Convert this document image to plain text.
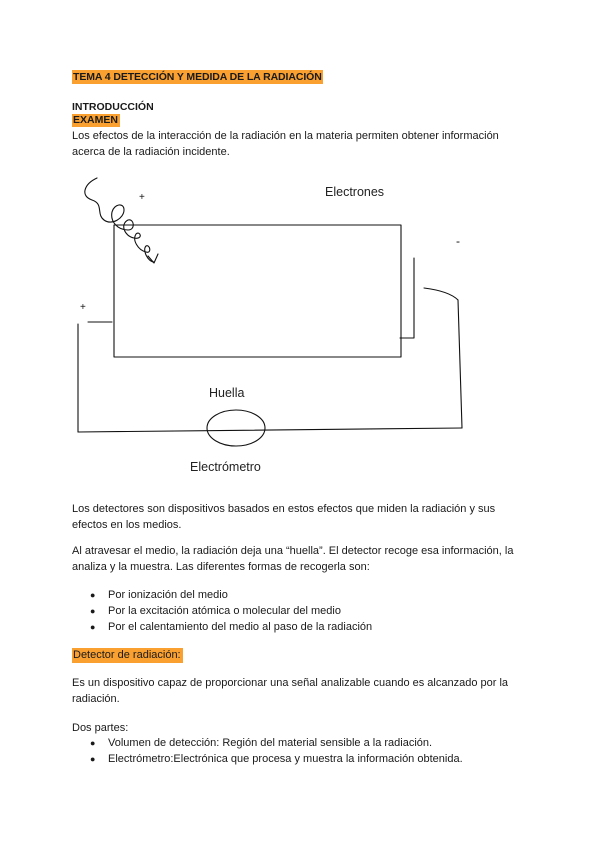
TEMA 4 DETECCIÓN Y MEDIDA DE LA RADIACIÓN
INTRODUCCIÓN
EXAMEN
Los efectos de la interacción de la radiación en la materia permiten obtener información
acerca de la radiación incidente.
+
-
+
Electrones
Huella
Electrómetro
Los detectores son dispositivos basados en estos efectos que miden la radiación y sus
efectos en los medios.
Al atravesar el medio, la radiación deja una “huella”. El detector recoge esa información, la
analiza y la muestra. Las diferentes formas de recogerla son:
● Por ionización del medio
● Por la excitación atómica o molecular del medio
● Por el calentamiento del medio al paso de la radiación
Detector de radiación:
Es un dispositivo capaz de proporcionar una señal analizable cuando es alcanzado por la
radiación.
Dos partes:
● Volumen de detección: Región del material sensible a la radiación.
● Electrómetro:Electrónica que procesa y muestra la información obtenida.
